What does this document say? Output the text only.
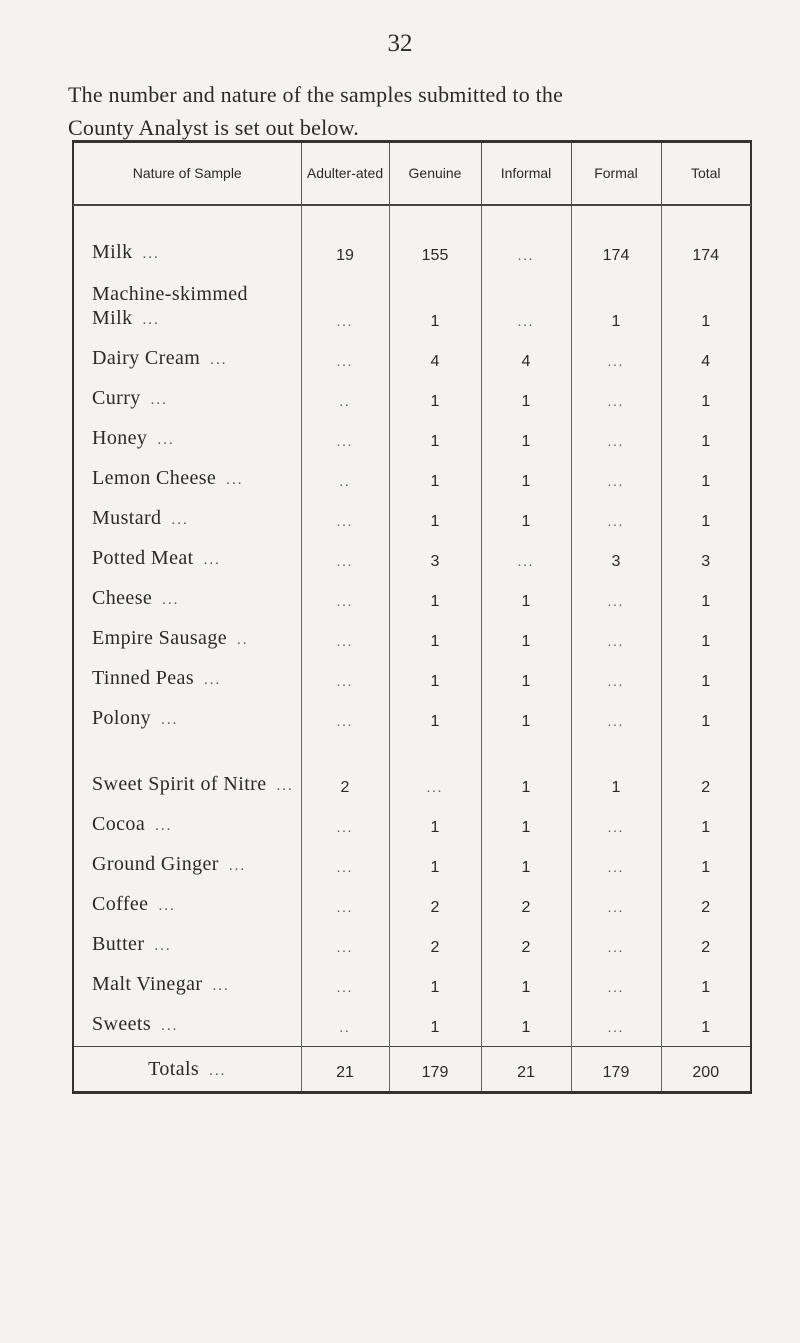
32
The number and nature of the samples submitted to the
County Analyst is set out below.
Nature of Sample	Adulter-ated	Genuine	Informal	Formal	Total
Milk ...	19	155	...	174	174
Machine-skimmed Milk ...	...	1	...	1	1
Dairy Cream ...	...	4	4	...	4
Curry ...	..	1	1	...	1
Honey ...	...	1	1	...	1
Lemon Cheese ...	..	1	1	...	1
Mustard ...	...	1	1	...	1
Potted Meat ...	...	3	...	3	3
Cheese ...	...	1	1	...	1
Empire Sausage ..	...	1	1	...	1
Tinned Peas ...	...	1	1	...	1
Polony ...	...	1	1	...	1
Sweet Spirit of Nitre ...	2	...	1	1	2
Cocoa ...	...	1	1	...	1
Ground Ginger ...	...	1	1	...	1
Coffee ...	...	2	2	...	2
Butter ...	...	2	2	...	2
Malt Vinegar ...	...	1	1	...	1
Sweets ...	..	1	1	...	1
Totals ...	21	179	21	179	200
